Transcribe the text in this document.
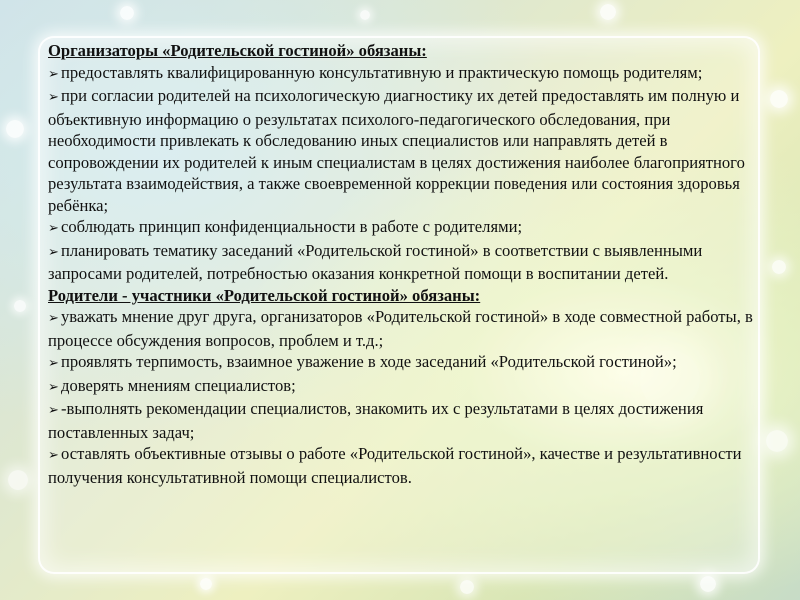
Организаторы «Родительской гостиной» обязаны:
➢ предоставлять квалифицированную консультативную и практическую помощь родителям;
➢ при согласии родителей на психологическую диагностику их детей предоставлять им полную и объективную информацию о результатах психолого-педагогического обследования, при необходимости привлекать к обследованию иных специалистов или направлять детей в сопровождении их родителей к иным специалистам в целях достижения наиболее благоприятного результата взаимодействия, а также своевременной коррекции поведения или состояния здоровья ребёнка;
➢ соблюдать принцип конфиденциальности в работе с родителями;
➢ планировать тематику заседаний «Родительской гостиной» в соответствии с выявленными запросами родителей, потребностью оказания конкретной помощи в воспитании детей.
Родители - участники «Родительской гостиной» обязаны:
➢ уважать мнение друг друга, организаторов «Родительской гостиной» в ходе совместной работы, в процессе обсуждения вопросов, проблем и т.д.;
➢ проявлять терпимость, взаимное уважение в ходе заседаний «Родительской гостиной»;
➢ доверять мнениям специалистов;
➢ -выполнять рекомендации специалистов, знакомить их с результатами в целях достижения поставленных задач;
➢ оставлять объективные отзывы о работе «Родительской гостиной», качестве и результативности получения консультативной помощи специалистов.
